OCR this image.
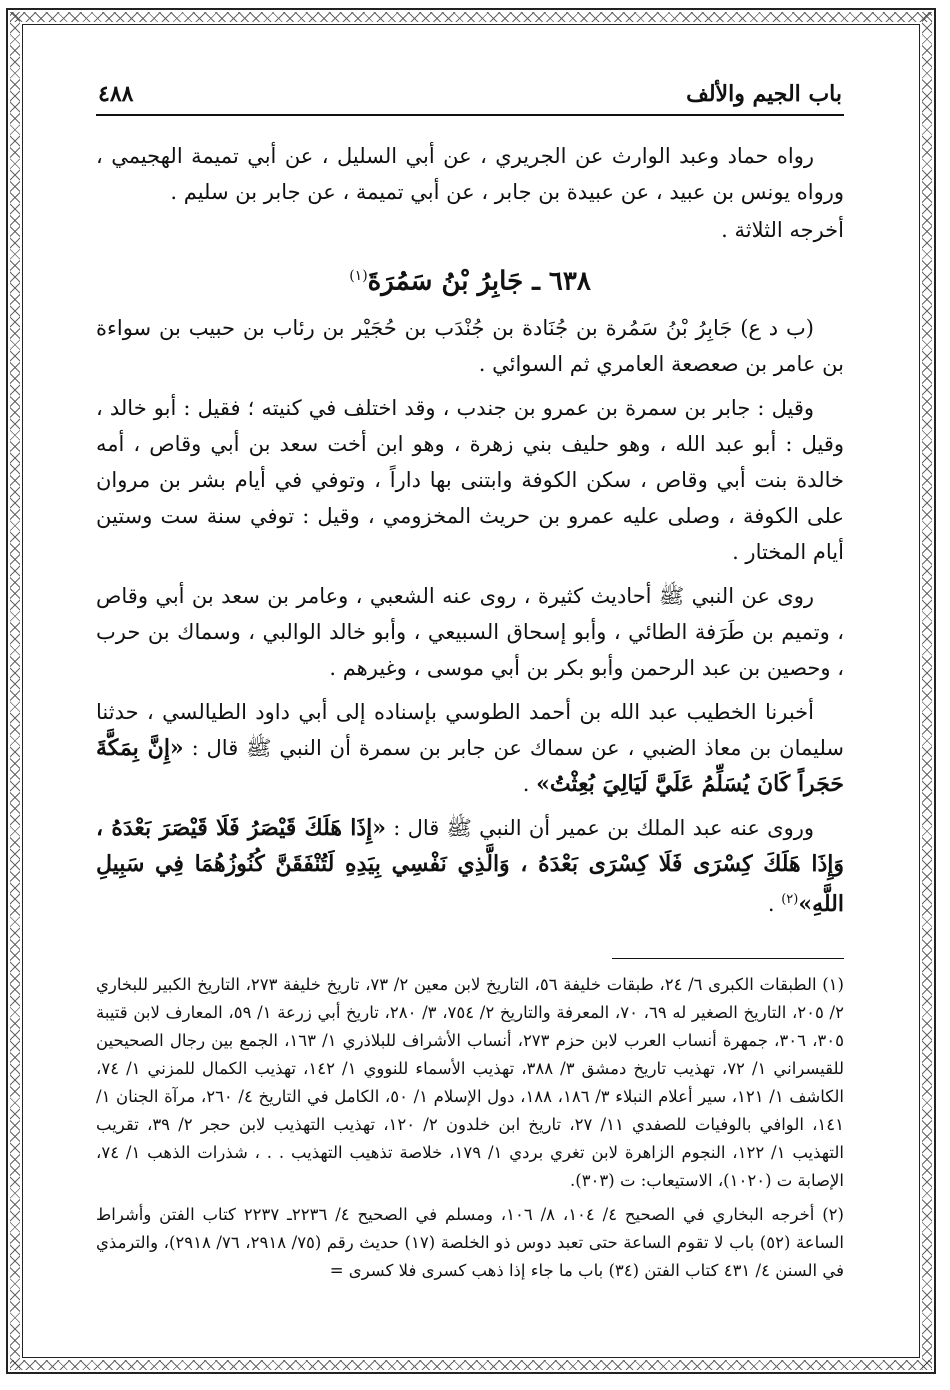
باب الجيم والألف
٤٨٨

رواه حماد وعبد الوارث عن الجريري ، عن أبي السليل ، عن أبي تميمة الهجيمي ، ورواه يونس بن عبيد ، عن عبيدة بن جابر ، عن أبي تميمة ، عن جابر بن سليم .

أخرجه الثلاثة .

٦٣٨ ـ جَابِرُ بْنُ سَمُرَةَ$^{(١)}$

(ب د ع) جَابِرُ بْنُ سَمُرة بن جُنَادة بن جُنْدَب بن حُجَيْر بن رئاب بن حبيب بن سواءة بن عامر بن صعصعة العامري ثم السوائي .

وقيل : جابر بن سمرة بن عمرو بن جندب ، وقد اختلف في كنيته ؛ فقيل : أبو خالد ، وقيل : أبو عبد الله ، وهو حليف بني زهرة ، وهو ابن أخت سعد بن أبي وقاص ، أمه خالدة بنت أبي وقاص ، سكن الكوفة وابتنى بها داراً ، وتوفي في أيام بشر بن مروان على الكوفة ، وصلى عليه عمرو بن حريث المخزومي ، وقيل : توفي سنة ست وستين أيام المختار .

روى عن النبي ﷺ أحاديث كثيرة ، روى عنه الشعبي ، وعامر بن سعد بن أبي وقاص ، وتميم بن طَرَفة الطائي ، وأبو إسحاق السبيعي ، وأبو خالد الوالبي ، وسماك بن حرب ، وحصين بن عبد الرحمن وأبو بكر بن أبي موسى ، وغيرهم .

أخبرنا الخطيب عبد الله بن أحمد الطوسي بإسناده إلى أبي داود الطيالسي ، حدثنا سليمان بن معاذ الضبي ، عن سماك عن جابر بن سمرة أن النبي ﷺ قال : «إِنَّ بِمَكَّةَ حَجَراً كَانَ يُسَلِّمُ عَلَيَّ لَيَالِيَ بُعِثْتُ» .

وروى عنه عبد الملك بن عمير أن النبي ﷺ قال : «إِذَا هَلَكَ قَيْصَرُ فَلَا قَيْصَرَ بَعْدَهُ ، وَإِذَا هَلَكَ كِسْرَى فَلَا كِسْرَى بَعْدَهُ ، وَالَّذِي نَفْسِي بِيَدِهِ لَتُنْفَقَنَّ كُنُوزُهُمَا فِي سَبِيلِ اللَّهِ»$^{(٢)}$ .

(١) الطبقات الكبرى ٦/ ٢٤، طبقات خليفة ٥٦، التاريخ لابن معين ٢/ ٧٣، تاريخ خليفة ٢٧٣، التاريخ الكبير للبخاري ٢/ ٢٠٥، التاريخ الصغير له ٦٩، ٧٠، المعرفة والتاريخ ٢/ ٧٥٤، ٣/ ٢٨٠، تاريخ أبي زرعة ١/ ٥٩، المعارف لابن قتيبة ٣٠٥، ٣٠٦، جمهرة أنساب العرب لابن حزم ٢٧٣، أنساب الأشراف للبلاذري ١/ ١٦٣، الجمع بين رجال الصحيحين للقيسراني ١/ ٧٢، تهذيب تاريخ دمشق ٣/ ٣٨٨، تهذيب الأسماء للنووي ١/ ١٤٢، تهذيب الكمال للمزني ١/ ٧٤، الكاشف ١/ ١٢١، سير أعلام النبلاء ٣/ ١٨٦، ١٨٨، دول الإسلام ١/ ٥٠، الكامل في التاريخ ٤/ ٢٦٠، مرآة الجنان ١/ ١٤١، الوافي بالوفيات للصفدي ١١/ ٢٧، تاريخ ابن خلدون ٢/ ١٢٠، تهذيب التهذيب لابن حجر ٢/ ٣٩، تقريب التهذيب ١/ ١٢٢، النجوم الزاهرة لابن تغري بردي ١/ ١٧٩، خلاصة تذهيب التهذيب . . ، شذرات الذهب ١/ ٧٤، الإصابة ت (١٠٢٠)، الاستيعاب: ت (٣٠٣).

(٢) أخرجه البخاري في الصحيح ٤/ ١٠٤، ٨/ ١٠٦، ومسلم في الصحيح ٤/ ٢٢٣٦ـ ٢٢٣٧ كتاب الفتن وأشراط الساعة (٥٢) باب لا تقوم الساعة حتى تعبد دوس ذو الخلصة (١٧) حديث رقم (٧٥/ ٢٩١٨، ٧٦/ ٢٩١٨)، والترمذي في السنن ٤/ ٤٣١ كتاب الفتن (٣٤) باب ما جاء إذا ذهب كسرى فلا كسرى =
